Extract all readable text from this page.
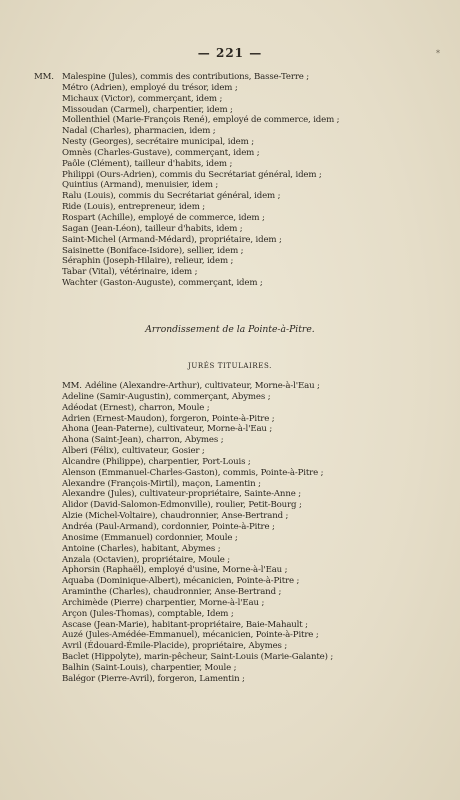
— 221 —	*
MM. Malespine (Jules), commis des contributions, Basse-Terre ;
Métro (Adrien), employé du trésor, idem ;
Michaux (Victor), commerçant, idem ;
Missoudan (Carmel), charpentier, idem ;
Mollenthiel (Marie-François René), employé de commerce, idem ;
Nadal (Charles), pharmacien, idem ;
Nesty (Georges), secrétaire municipal, idem ;
Omnès (Charles-Gustave), commerçant, idem ;
Paôle (Clément), tailleur d'habits, idem ;
Philippi (Ours-Adrien), commis du Secrétariat général, idem ;
Quintius (Armand), menuisier, idem ;
Ralu (Louis), commis du Secrétariat général, idem ;
Ride (Louis), entrepreneur, idem ;
Rospart (Achille), employé de commerce, idem ;
Sagan (Jean-Léon), tailleur d'habits, idem ;
Saint-Michel (Armand-Médard), propriétaire, idem ;
Saisinette (Boniface-Isidore), sellier, idem ;
Séraphin (Joseph-Hilaire), relieur, idem ;
Tabar (Vital), vétérinaire, idem ;
Wachter (Gaston-Auguste), commerçant, idem ;
Arrondissement de la Pointe-à-Pitre.
JURÉS TITULAIRES.
MM. Adéline (Alexandre-Arthur), cultivateur, Morne-à-l'Eau ;
Adeline (Samir-Augustin), commerçant, Abymes ;
Adéodat (Ernest), charron, Moule ;
Adrien (Ernest-Maudon), forgeron, Pointe-à-Pitre ;
Ahona (Jean-Paterne), cultivateur, Morne-à-l'Eau ;
Ahona (Saint-Jean), charron, Abymes ;
Alberi (Félix), cultivateur, Gosier ;
Alcandre (Philippe), charpentier, Port-Louis ;
Alenson (Emmanuel-Charles-Gaston), commis, Pointe-à-Pitre ;
Alexandre (François-Mirtil), maçon, Lamentin ;
Alexandre (Jules), cultivateur-propriétaire, Sainte-Anne ;
Alidor (David-Salomon-Edmonville), roulier, Petit-Bourg ;
Alzie (Michel-Voltaire), chaudronnier, Anse-Bertrand ;
Andréa (Paul-Armand), cordonnier, Pointe-à-Pitre ;
Anosime (Emmanuel) cordonnier, Moule ;
Antoine (Charles), habitant, Abymes ;
Anzala (Octavien), propriétaire, Moule ;
Aphorsin (Raphaël), employé d'usine, Morne-à-l'Eau ;
Aquaba (Dominique-Albert), mécanicien, Pointe-à-Pitre ;
Araminthe (Charles), chaudronnier, Anse-Bertrand ;
Archimède (Pierre) charpentier, Morne-à-l'Eau ;
Arçon (Jules-Thomas), comptable, Idem ;
Ascase (Jean-Marie), habitant-propriétaire, Baie-Mahault ;
Auzé (Jules-Amédée-Emmanuel), mécanicien, Pointe-à-Pitre ;
Avril (Édouard-Émile-Placide), propriétaire, Abymes ;
Baclet (Hippolyte), marin-pêcheur, Saint-Louis (Marie-Galante) ;
Balhin (Saint-Louis), charpentier, Moule ;
Balégor (Pierre-Avril), forgeron, Lamentin ;
